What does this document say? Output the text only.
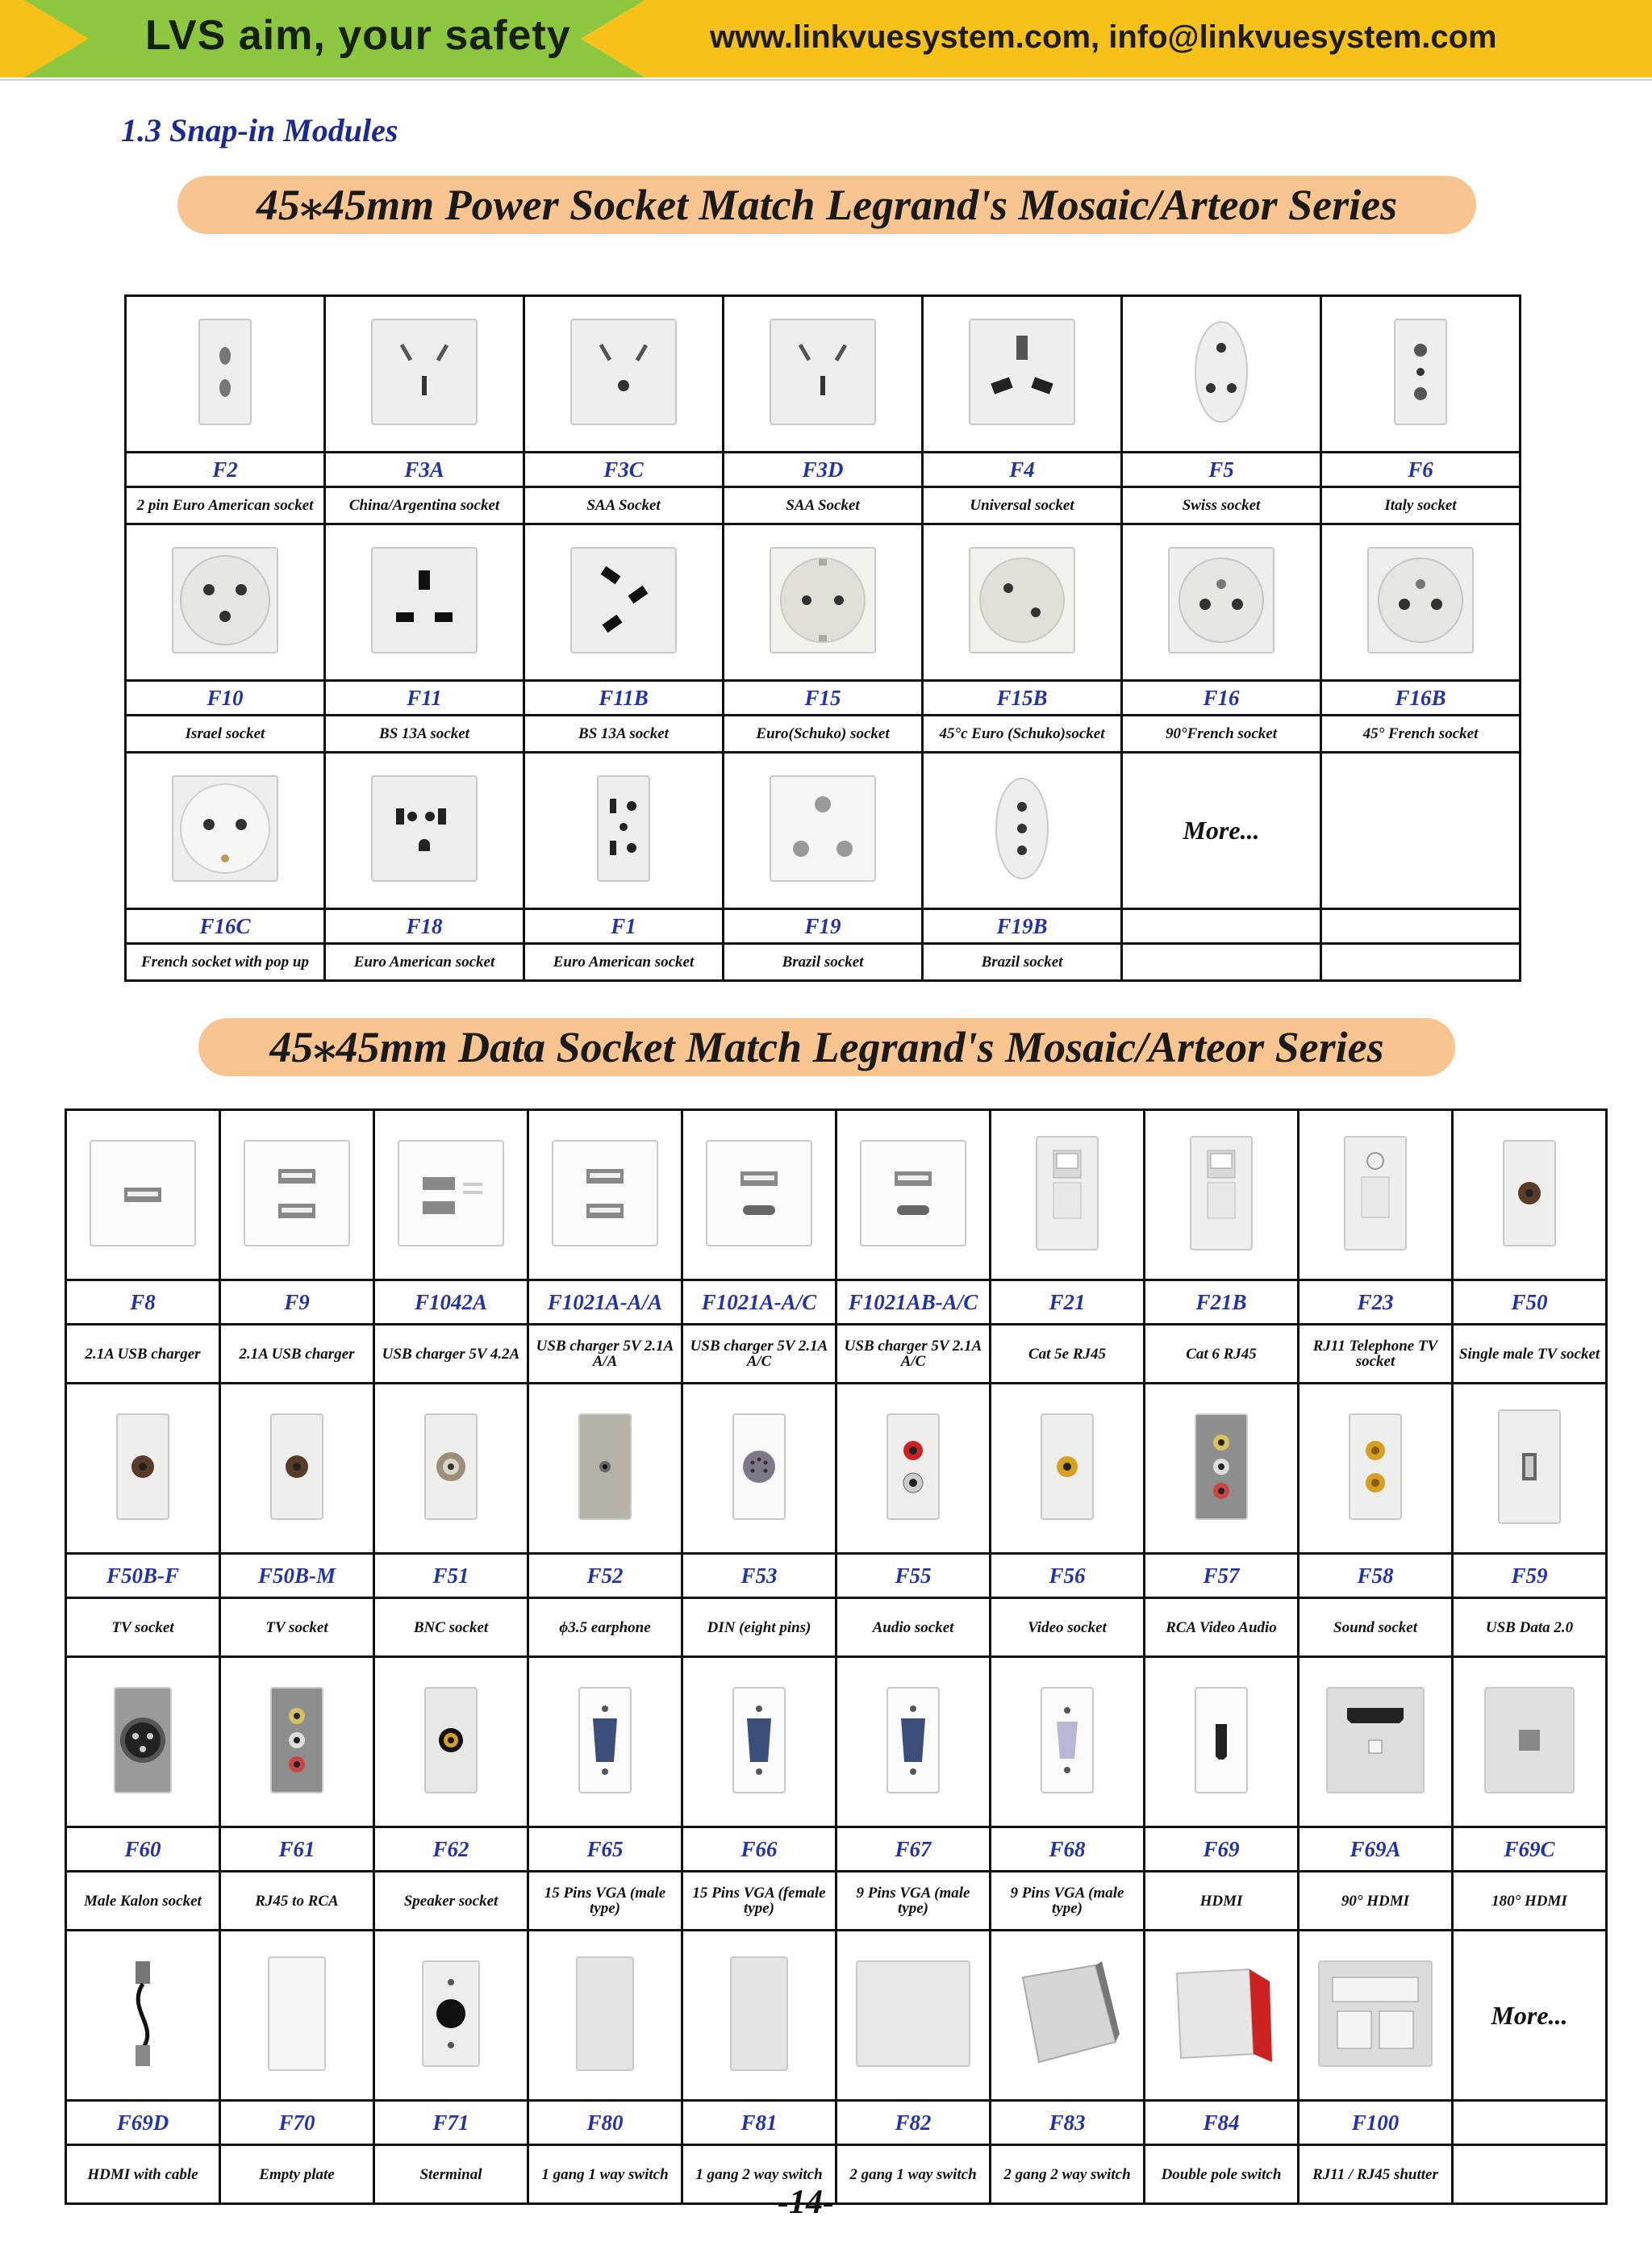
LVS aim, your safety	www.linkvuesystem.com, info@linkvuesystem.com
1.3 Snap-in Modules
45⁎45mm Power Socket Match Legrand's Mosaic/Arteor Series

F2	F3A	F3C	F3D	F4	F5	F6

2 pin Euro American socket	China/Argentina socket	SAA Socket	SAA Socket	Universal socket	Swiss socket	Italy socket

F10	F11	F11B	F15	F15B	F16	F16B

Israel socket	BS 13A socket	BS 13A socket	Euro(Schuko) socket	45°c Euro (Schuko)socket	90°French socket	45° French socket

					More...	
F16C	F18	F1	F19	F19B		

French socket with pop up	Euro American socket	Euro American socket	Brazil socket	Brazil socket		

45⁎45mm Data Socket Match Legrand's Mosaic/Arteor Series

F8	F9	F1042A	F1021A-A/A	F1021A-A/C	F1021AB-A/C	F21	F21B	F23	F50

2.1A USB charger	2.1A USB charger	USB charger 5V 4.2A	USB charger 5V 2.1A A/A	USB charger 5V 2.1A A/C	USB charger 5V 2.1A A/C	Cat 5e RJ45	Cat 6 RJ45	RJ11 Telephone TV socket	Single male TV socket

F50B-F	F50B-M	F51	F52	F53	F55	F56	F57	F58	F59

TV socket	TV socket	BNC socket	ϕ3.5 earphone	DIN (eight pins)	Audio socket	Video socket	RCA Video Audio	Sound socket	USB Data 2.0

F60	F61	F62	F65	F66	F67	F68	F69	F69A	F69C

Male Kalon socket	RJ45 to RCA	Speaker socket	15 Pins VGA (male type)	15 Pins VGA (female type)	9 Pins VGA (male type)	9 Pins VGA (male type)	HDMI	90° HDMI	180° HDMI

									More...
F69D	F70	F71	F80	F81	F82	F83	F84	F100	

HDMI with cable	Empty plate	Sterminal	1 gang 1 way switch	1 gang 2 way switch	2 gang 1 way switch	2 gang 2 way switch	Double pole switch	RJ11 / RJ45 shutter	

-14-
